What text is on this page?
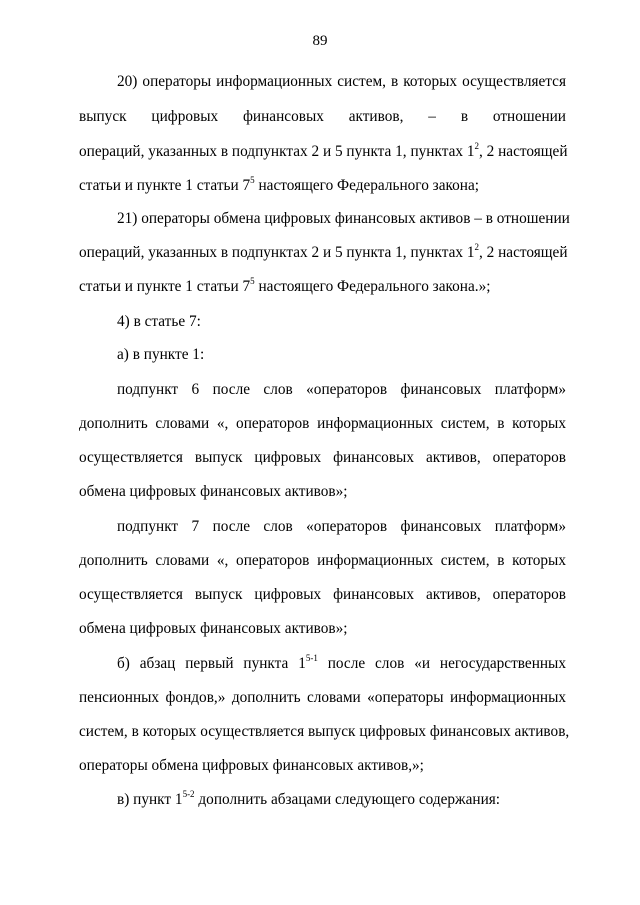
89
20) операторы информационных систем, в которых осуществляется
выпуск цифровых финансовых активов, – в отношении
операций, указанных в подпунктах 2 и 5 пункта 1, пунктах $1^2$, 2 настоящей
статьи и пункте 1 статьи $7^5$ настоящего Федерального закона;
21) операторы обмена цифровых финансовых активов – в отношении
операций, указанных в подпунктах 2 и 5 пункта 1, пунктах $1^2$, 2 настоящей
статьи и пункте 1 статьи $7^5$ настоящего Федерального закона.»;
4) в статье 7:
а) в пункте 1:
подпункт 6 после слов «операторов финансовых платформ»
дополнить словами «, операторов информационных систем, в которых
осуществляется выпуск цифровых финансовых активов, операторов
обмена цифровых финансовых активов»;
подпункт 7 после слов «операторов финансовых платформ»
дополнить словами «, операторов информационных систем, в которых
осуществляется выпуск цифровых финансовых активов, операторов
обмена цифровых финансовых активов»;
б) абзац первый пункта 1$^{5-1}$ после слов «и негосударственных
пенсионных фондов,» дополнить словами «операторы информационных
систем, в которых осуществляется выпуск цифровых финансовых активов,
операторы обмена цифровых финансовых активов,»;
в) пункт 1$^{5-2}$ дополнить абзацами следующего содержания:
